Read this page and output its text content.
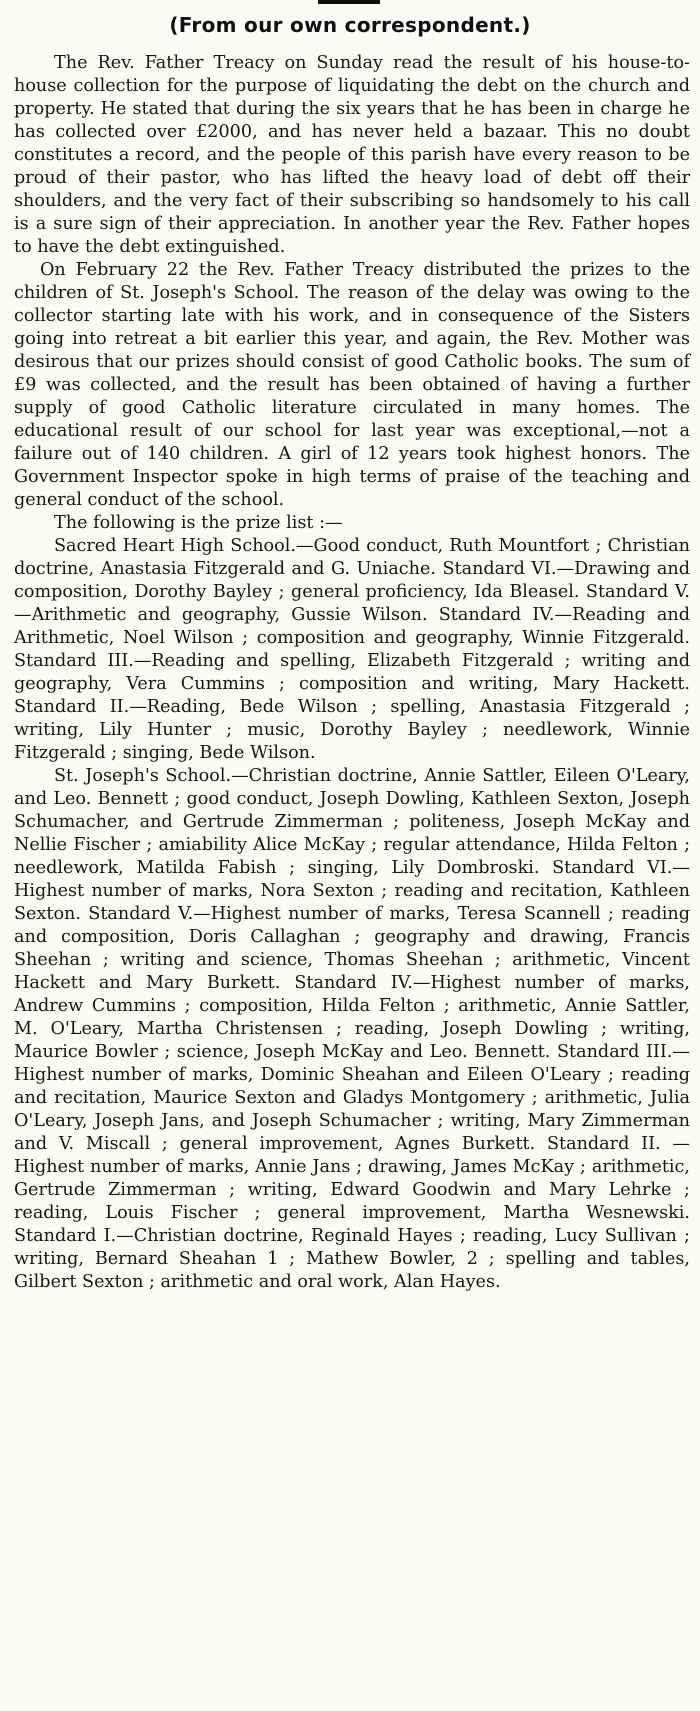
(From our own correspondent.)

The Rev. Father Treacy on Sunday read the result of his house-to-house collection for the purpose of liquidating the debt on the church and property. He stated that during the six years that he has been in charge he has collected over £2000, and has never held a bazaar. This no doubt constitutes a record, and the people of this parish have every reason to be proud of their pastor, who has lifted the heavy load of debt off their shoulders, and the very fact of their subscribing so handsomely to his call is a sure sign of their appreciation. In another year the Rev. Father hopes to have the debt extinguished.

On February 22 the Rev. Father Treacy distributed the prizes to the children of St. Joseph's School. The reason of the delay was owing to the collector starting late with his work, and in consequence of the Sisters going into retreat a bit earlier this year, and again, the Rev. Mother was desirous that our prizes should consist of good Catholic books. The sum of £9 was collected, and the result has been obtained of having a further supply of good Catholic literature circulated in many homes. The educational result of our school for last year was exceptional,—not a failure out of 140 children. A girl of 12 years took highest honors. The Government Inspector spoke in high terms of praise of the teaching and general conduct of the school.

The following is the prize list :—

Sacred Heart High School.—Good conduct, Ruth Mountfort ; Christian doctrine, Anastasia Fitzgerald and G. Uniache. Standard VI.—Drawing and composition, Dorothy Bayley ; general proficiency, Ida Bleasel. Standard V.—Arithmetic and geography, Gussie Wilson. Standard IV.—Reading and Arithmetic, Noel Wilson ; composition and geography, Winnie Fitzgerald. Standard III.—Reading and spelling, Elizabeth Fitzgerald ; writing and geography, Vera Cummins ; composition and writing, Mary Hackett. Standard II.—Reading, Bede Wilson ; spelling, Anastasia Fitzgerald ; writing, Lily Hunter ; music, Dorothy Bayley ; needlework, Winnie Fitzgerald ; singing, Bede Wilson.

St. Joseph's School.—Christian doctrine, Annie Sattler, Eileen O'Leary, and Leo. Bennett ; good conduct, Joseph Dowling, Kathleen Sexton, Joseph Schumacher, and Gertrude Zimmerman ; politeness, Joseph McKay and Nellie Fischer ; amiability Alice McKay ; regular attendance, Hilda Felton ; needlework, Matilda Fabish ; singing, Lily Dombroski. Standard VI.—Highest number of marks, Nora Sexton ; reading and recitation, Kathleen Sexton. Standard V.—Highest number of marks, Teresa Scannell ; reading and composition, Doris Callaghan ; geography and drawing, Francis Sheehan ; writing and science, Thomas Sheehan ; arithmetic, Vincent Hackett and Mary Burkett. Standard IV.—Highest number of marks, Andrew Cummins ; composition, Hilda Felton ; arithmetic, Annie Sattler, M. O'Leary, Martha Christensen ; reading, Joseph Dowling ; writing, Maurice Bowler ; science, Joseph McKay and Leo. Bennett. Standard III.—Highest number of marks, Dominic Sheahan and Eileen O'Leary ; reading and recitation, Maurice Sexton and Gladys Montgomery ; arithmetic, Julia O'Leary, Joseph Jans, and Joseph Schumacher ; writing, Mary Zimmerman and V. Miscall ; general improvement, Agnes Burkett. Standard II. —Highest number of marks, Annie Jans ; drawing, James McKay ; arithmetic, Gertrude Zimmerman ; writing, Edward Goodwin and Mary Lehrke ; reading, Louis Fischer ; general improvement, Martha Wesnewski. Standard I.—Christian doctrine, Reginald Hayes ; reading, Lucy Sullivan ; writing, Bernard Sheahan 1 ; Mathew Bowler, 2 ; spelling and tables, Gilbert Sexton ; arithmetic and oral work, Alan Hayes.
